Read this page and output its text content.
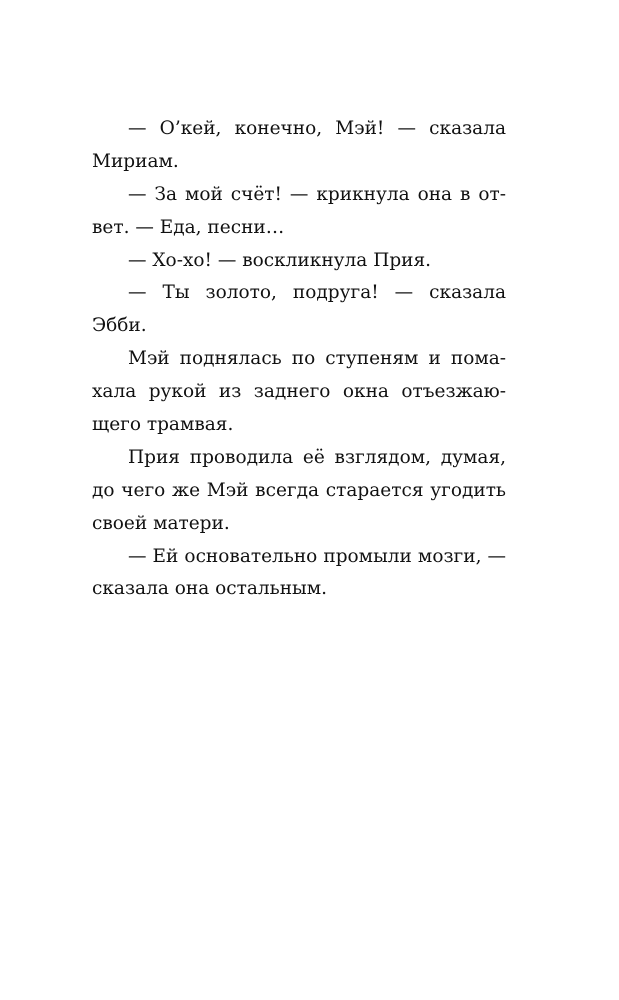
— О’кей, конечно, Мэй! — сказала
Мириам.
— За мой счёт! — крикнула она в от-
вет. — Еда, песни…
— Хо-хо! — воскликнула Прия.
— Ты золото, подруга! — сказала
Эбби.
Мэй поднялась по ступеням и пома-
хала рукой из заднего окна отъезжаю-
щего трамвая.
Прия проводила её взглядом, думая,
до чего же Мэй всегда старается угодить
своей матери.
— Ей основательно промыли мозги, —
сказала она остальным.
